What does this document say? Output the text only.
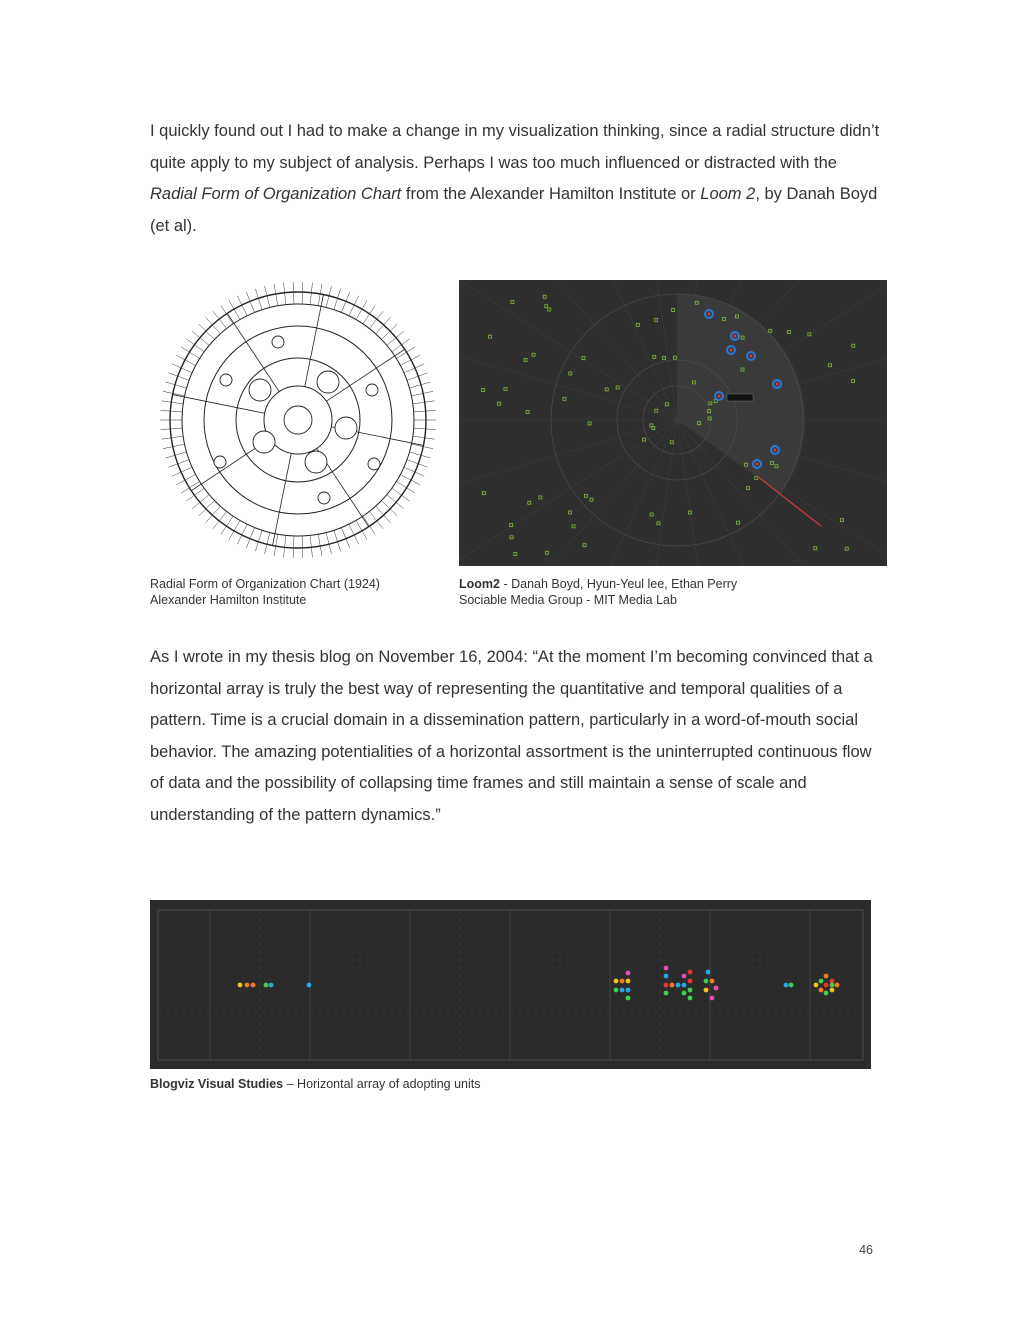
I quickly found out I had to make a change in my visualization thinking, since a radial structure didn’t quite apply to my subject of analysis. Perhaps I was too much influenced or distracted with the Radial Form of Organization Chart from the Alexander Hamilton Institute or Loom 2, by Danah Boyd (et al).

Radial Form of Organization Chart (1924)
Alexander Hamilton Institute
Loom2 - Danah Boyd, Hyun-Yeul lee, Ethan Perry
Sociable Media Group - MIT Media Lab

As I wrote in my thesis blog on November 16, 2004: “At the moment I’m becoming convinced that a horizontal array is truly the best way of representing the quantitative and temporal qualities of a pattern. Time is a crucial domain in a dissemination pattern, particularly in a word-of-mouth social behavior. The amazing potentialities of a horizontal assortment is the uninterrupted continuous flow of data and the possibility of collapsing time frames and still maintain a sense of scale and understanding of the pattern dynamics.”

Blogviz Visual Studies – Horizontal array of adopting units
46
